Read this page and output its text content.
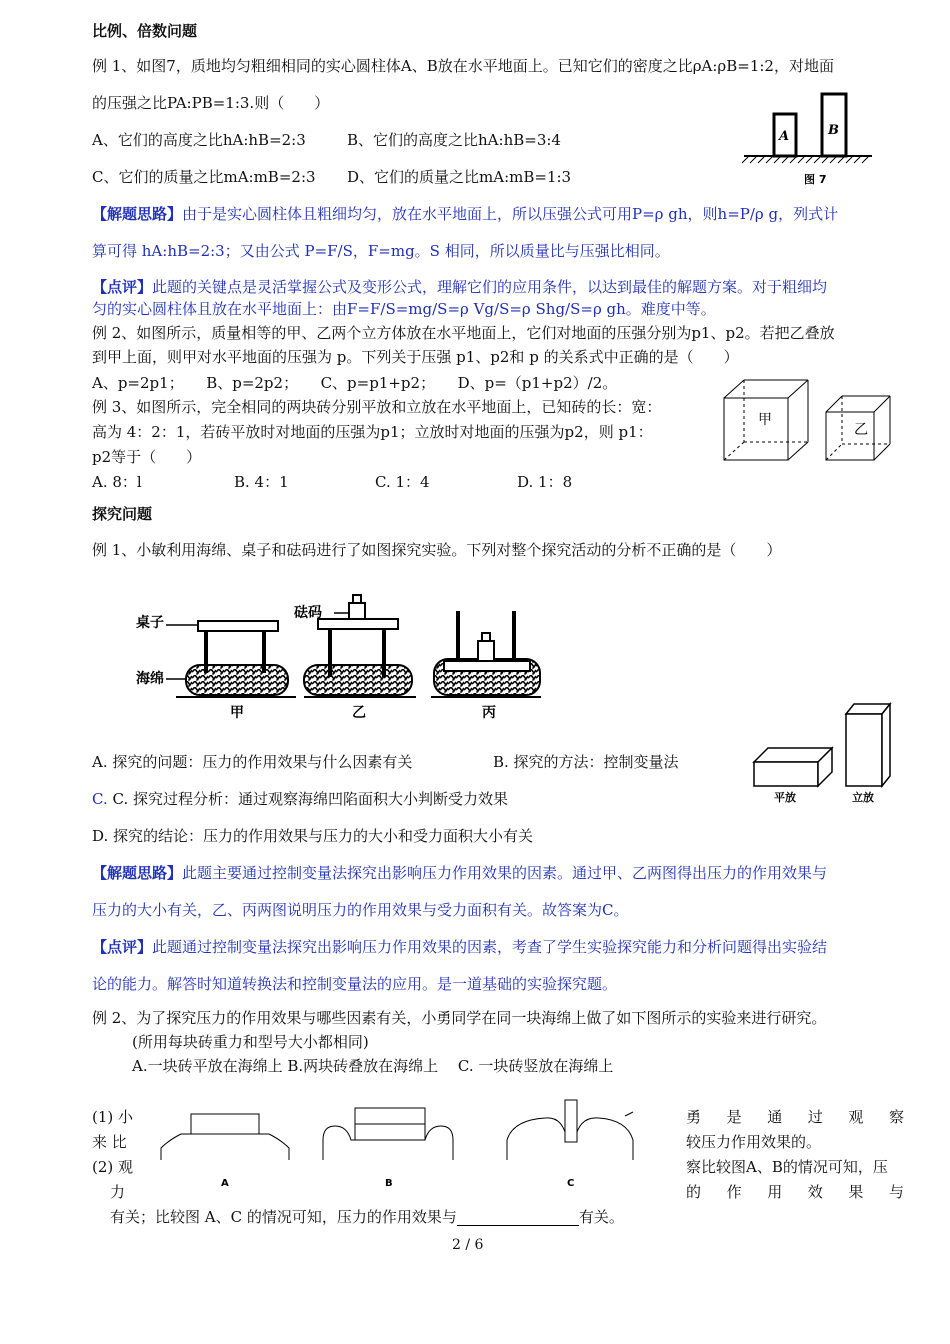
比例、倍数问题
例 1、如图7，质地均匀粗细相同的实心圆柱体A、B放在水平地面上。已知它们的密度之比ρA:ρB=1:2，对地面
的压强之比PA:PB=1:3.则（　　）
A、它们的高度之比hA:hB=2:3	B、它们的高度之比hA:hB=3:4
C、它们的质量之比mA:mB=2:3 D、它们的质量之比mA:mB=1:3
A	B
图 7
【解题思路】由于是实心圆柱体且粗细均匀，放在水平地面上，所以压强公式可用P=ρ gh，则h=P/ρ g，列式计
算可得 hA:hB=2:3；又由公式 P=F/S，F=mg。S 相同，所以质量比与压强比相同。
【点评】此题的关键点是灵活掌握公式及变形公式，理解它们的应用条件，以达到最佳的解题方案。对于粗细均
匀的实心圆柱体且放在水平地面上：由F=F/S=mg/S=ρ Vg/S=ρ Shg/S=ρ gh。难度中等。
例 2、如图所示，质量相等的甲、乙两个立方体放在水平地面上，它们对地面的压强分别为p1、p2。若把乙叠放
到甲上面，则甲对水平地面的压强为 p。下列关于压强 p1、p2和 p 的关系式中正确的是（　　）
A、p=2p1；　　B、p=2p2；　　C、p=p1+p2；　　D、p=（p1+p2）/2。
甲
乙
例 3、如图所示，完全相同的两块砖分别平放和立放在水平地面上，已知砖的长：宽：
高为 4：2：1，若砖平放时对地面的压强为p1；立放时对地面的压强为p2，则 p1：
p2等于（　　）
A. 8：l	B. 4：1	C. 1：4	D. 1：8
探究问题
例 1、小敏利用海绵、桌子和砝码进行了如图探究实验。下列对整个探究活动的分析不正确的是（　　）
桌子
砝码
海绵
甲	乙	丙
平放	立放
A. 探究的问题：压力的作用效果与什么因素有关	B. 探究的方法：控制变量法
C. C. 探究过程分析：通过观察海绵凹陷面积大小判断受力效果
D. 探究的结论：压力的作用效果与压力的大小和受力面积大小有关
【解题思路】此题主要通过控制变量法探究出影响压力作用效果的因素。通过甲、乙两图得出压力的作用效果与
压力的大小有关，乙、丙两图说明压力的作用效果与受力面积有关。故答案为C。
【点评】此题通过控制变量法探究出影响压力作用效果的因素，考查了学生实验探究能力和分析问题得出实验结
论的能力。解答时知道转换法和控制变量法的应用。是一道基础的实验探究题。
例 2、为了探究压力的作用效果与哪些因素有关，小勇同学在同一块海绵上做了如下图所示的实验来进行研究。
(所用每块砖重力和型号大小都相同)
A.一块砖平放在海绵上 B.两块砖叠放在海绵上　 C. 一块砖竖放在海绵上
A	B	C
(1) 小
来 比
勇 是 通 过 观 察
较压力作用效果的。
(2) 观
力
察比较图A、B的情况可知，压
的 作 用 效 果 与
有关；比较图 A、C 的情况可知，压力的作用效果与	有关。
2 / 6
